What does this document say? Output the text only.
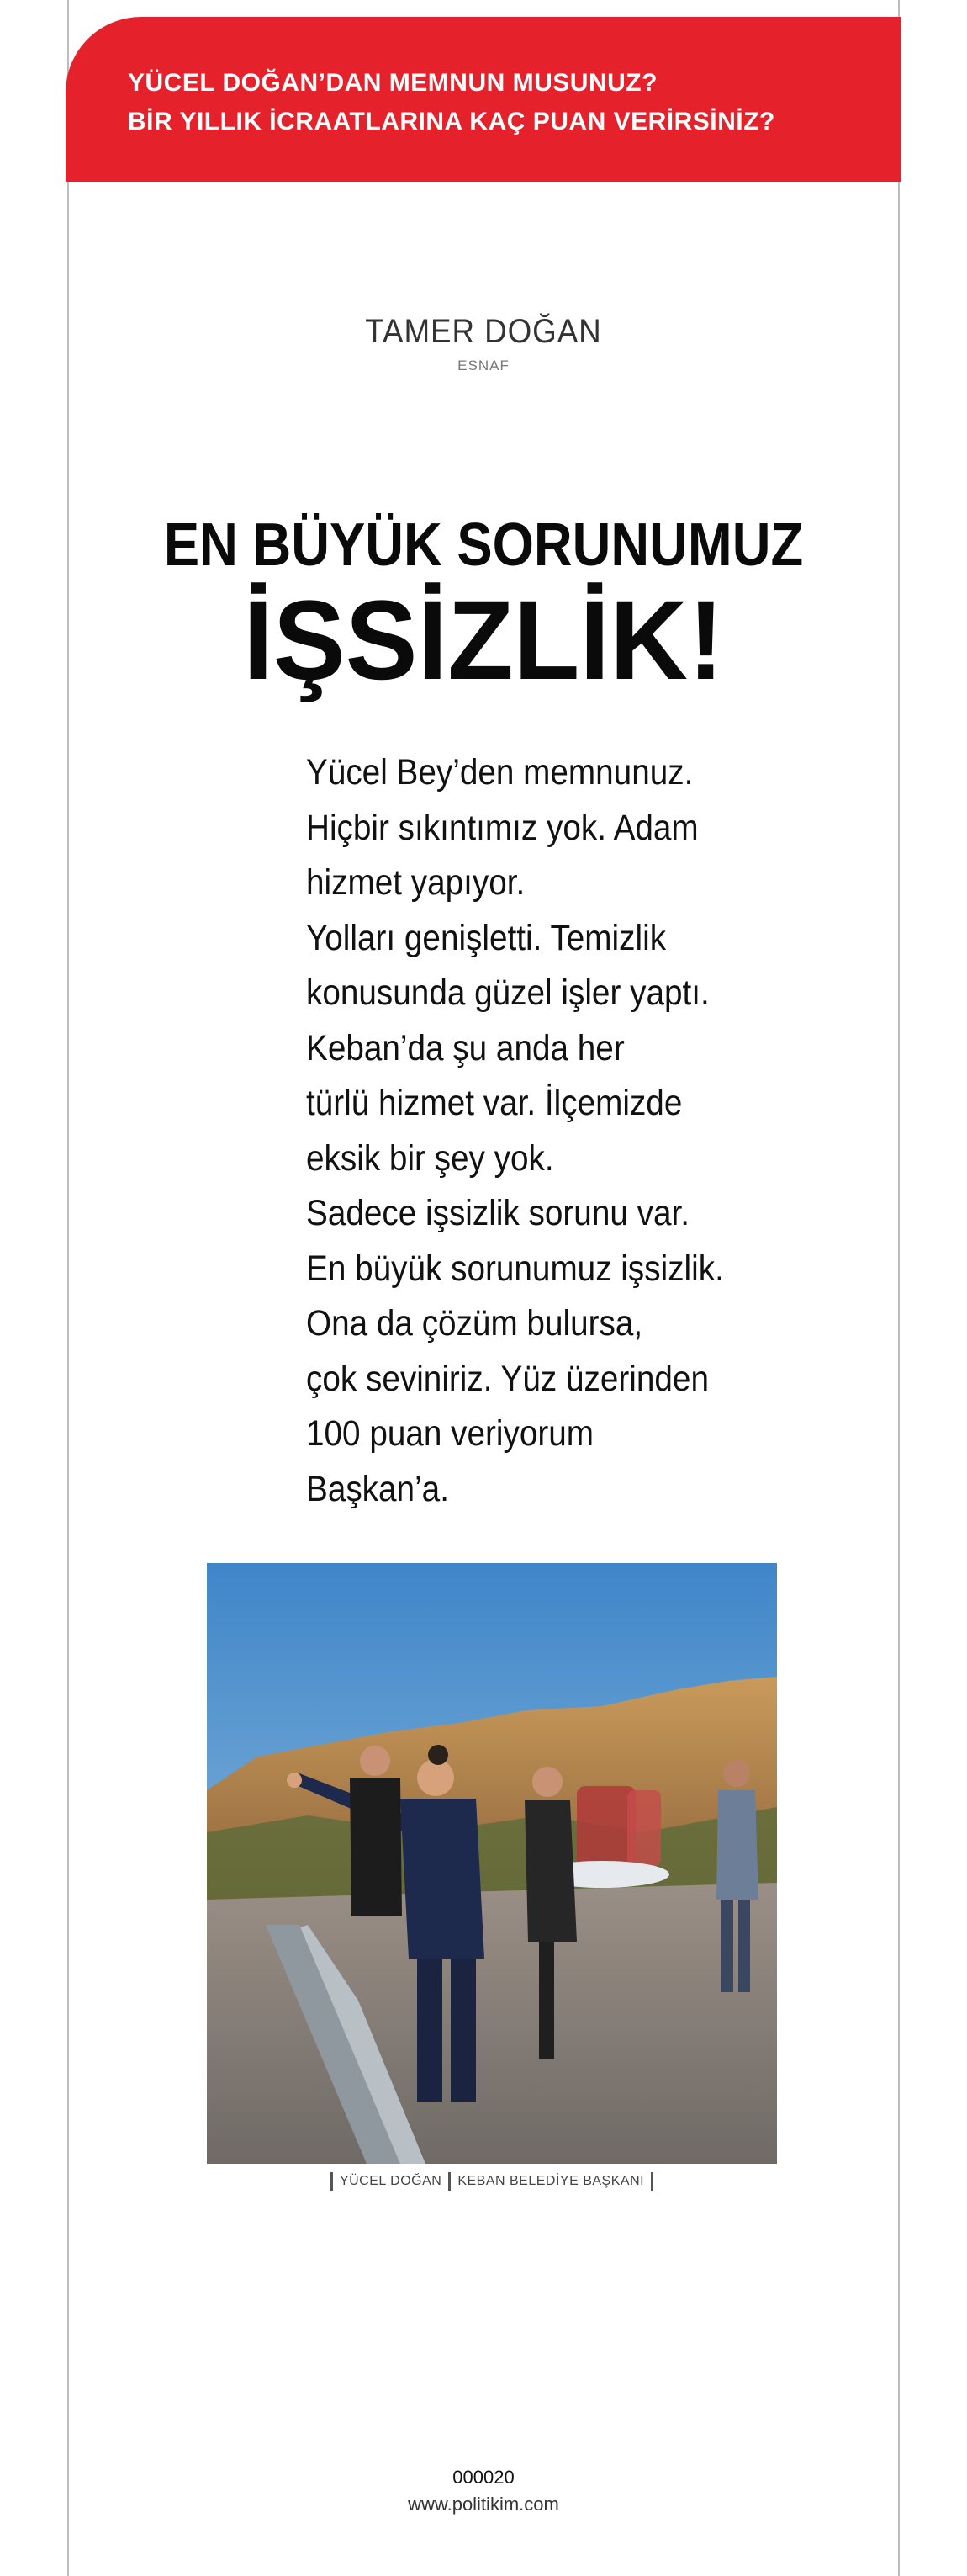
YÜCEL DOĞAN’DAN MEMNUN MUSUNUZ?
BİR YILLIK İCRAATLARINA KAÇ PUAN VERİRSİNİZ?
TAMER DOĞAN
ESNAF
EN BÜYÜK SORUNUMUZ
İŞSİZLİK!
Yücel Bey’den memnunuz.
Hiçbir sıkıntımız yok. Adam
hizmet yapıyor.
Yolları genişletti. Temizlik
konusunda güzel işler yaptı.
Keban’da şu anda her
türlü hizmet var. İlçemizde
eksik bir şey yok.
Sadece işsizlik sorunu var.
En büyük sorunumuz işsizlik.
Ona da çözüm bulursa,
çok seviniriz. Yüz üzerinden
100 puan veriyorum
Başkan’a.
YÜCEL DOĞAN KEBAN BELEDİYE BAŞKANI
000020
www.politikim.com
